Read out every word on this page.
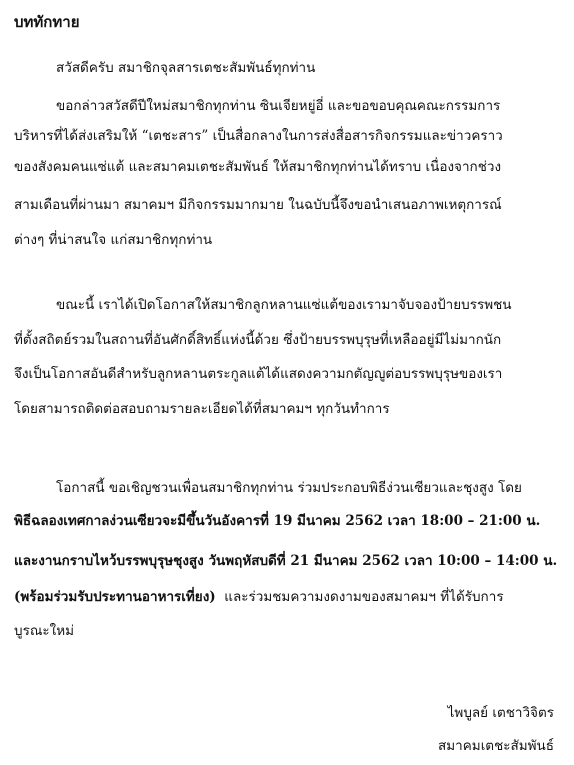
บททักทาย
สวัสดีครับ สมาชิกจุลสารเตชะสัมพันธ์ทุกท่าน
ขอกล่าวสวัสดีปีใหม่สมาชิกทุกท่าน ซินเจียหยู่อี่ และขอขอบคุณคณะกรรมการ
บริหารที่ได้ส่งเสริมให้ “เตชะสาร” เป็นสื่อกลางในการส่งสื่อสารกิจกรรมและข่าวคราว
ของสังคมคนแซ่แต้ และสมาคมเตชะสัมพันธ์ ให้สมาชิกทุกท่านได้ทราบ เนื่องจากช่วง
สามเดือนที่ผ่านมา สมาคมฯ มีกิจกรรมมากมาย ในฉบับนี้จึงขอนำเสนอภาพเหตุการณ์
ต่างๆ ที่น่าสนใจ แก่สมาชิกทุกท่าน
ขณะนี้ เราได้เปิดโอกาสให้สมาชิกลูกหลานแซ่แต้ของเรามาจับจองป้ายบรรพชน
ที่ตั้งสถิตย์รวมในสถานที่อันศักดิ์สิทธิ์แห่งนี้ด้วย ซึ่งป้ายบรรพบุรุษที่เหลืออยู่มีไม่มากนัก
จึงเป็นโอกาสอันดีสำหรับลูกหลานตระกูลแต้ได้แสดงความกตัญญูต่อบรรพบุรุษของเรา
โดยสามารถติดต่อสอบถามรายละเอียดได้ที่สมาคมฯ ทุกวันทำการ
โอกาสนี้ ขอเชิญชวนเพื่อนสมาชิกทุกท่าน ร่วมประกอบพิธีง่วนเซียวและชุงสูง โดย
พิธีฉลองเทศกาลง่วนเซียวจะมีขึ้นวันอังคารที่ 19 มีนาคม 2562 เวลา 18:00 – 21:00 น.
และงานกราบไหว้บรรพบุรุษชุงสูง วันพฤหัสบดีที่ 21 มีนาคม 2562 เวลา 10:00 – 14:00 น.
(พร้อมร่วมรับประทานอาหารเที่ยง) และร่วมชมความงดงามของสมาคมฯ ที่ได้รับการ
บูรณะใหม่
ไพบูลย์ เตชาวิจิตร
สมาคมเตชะสัมพันธ์
